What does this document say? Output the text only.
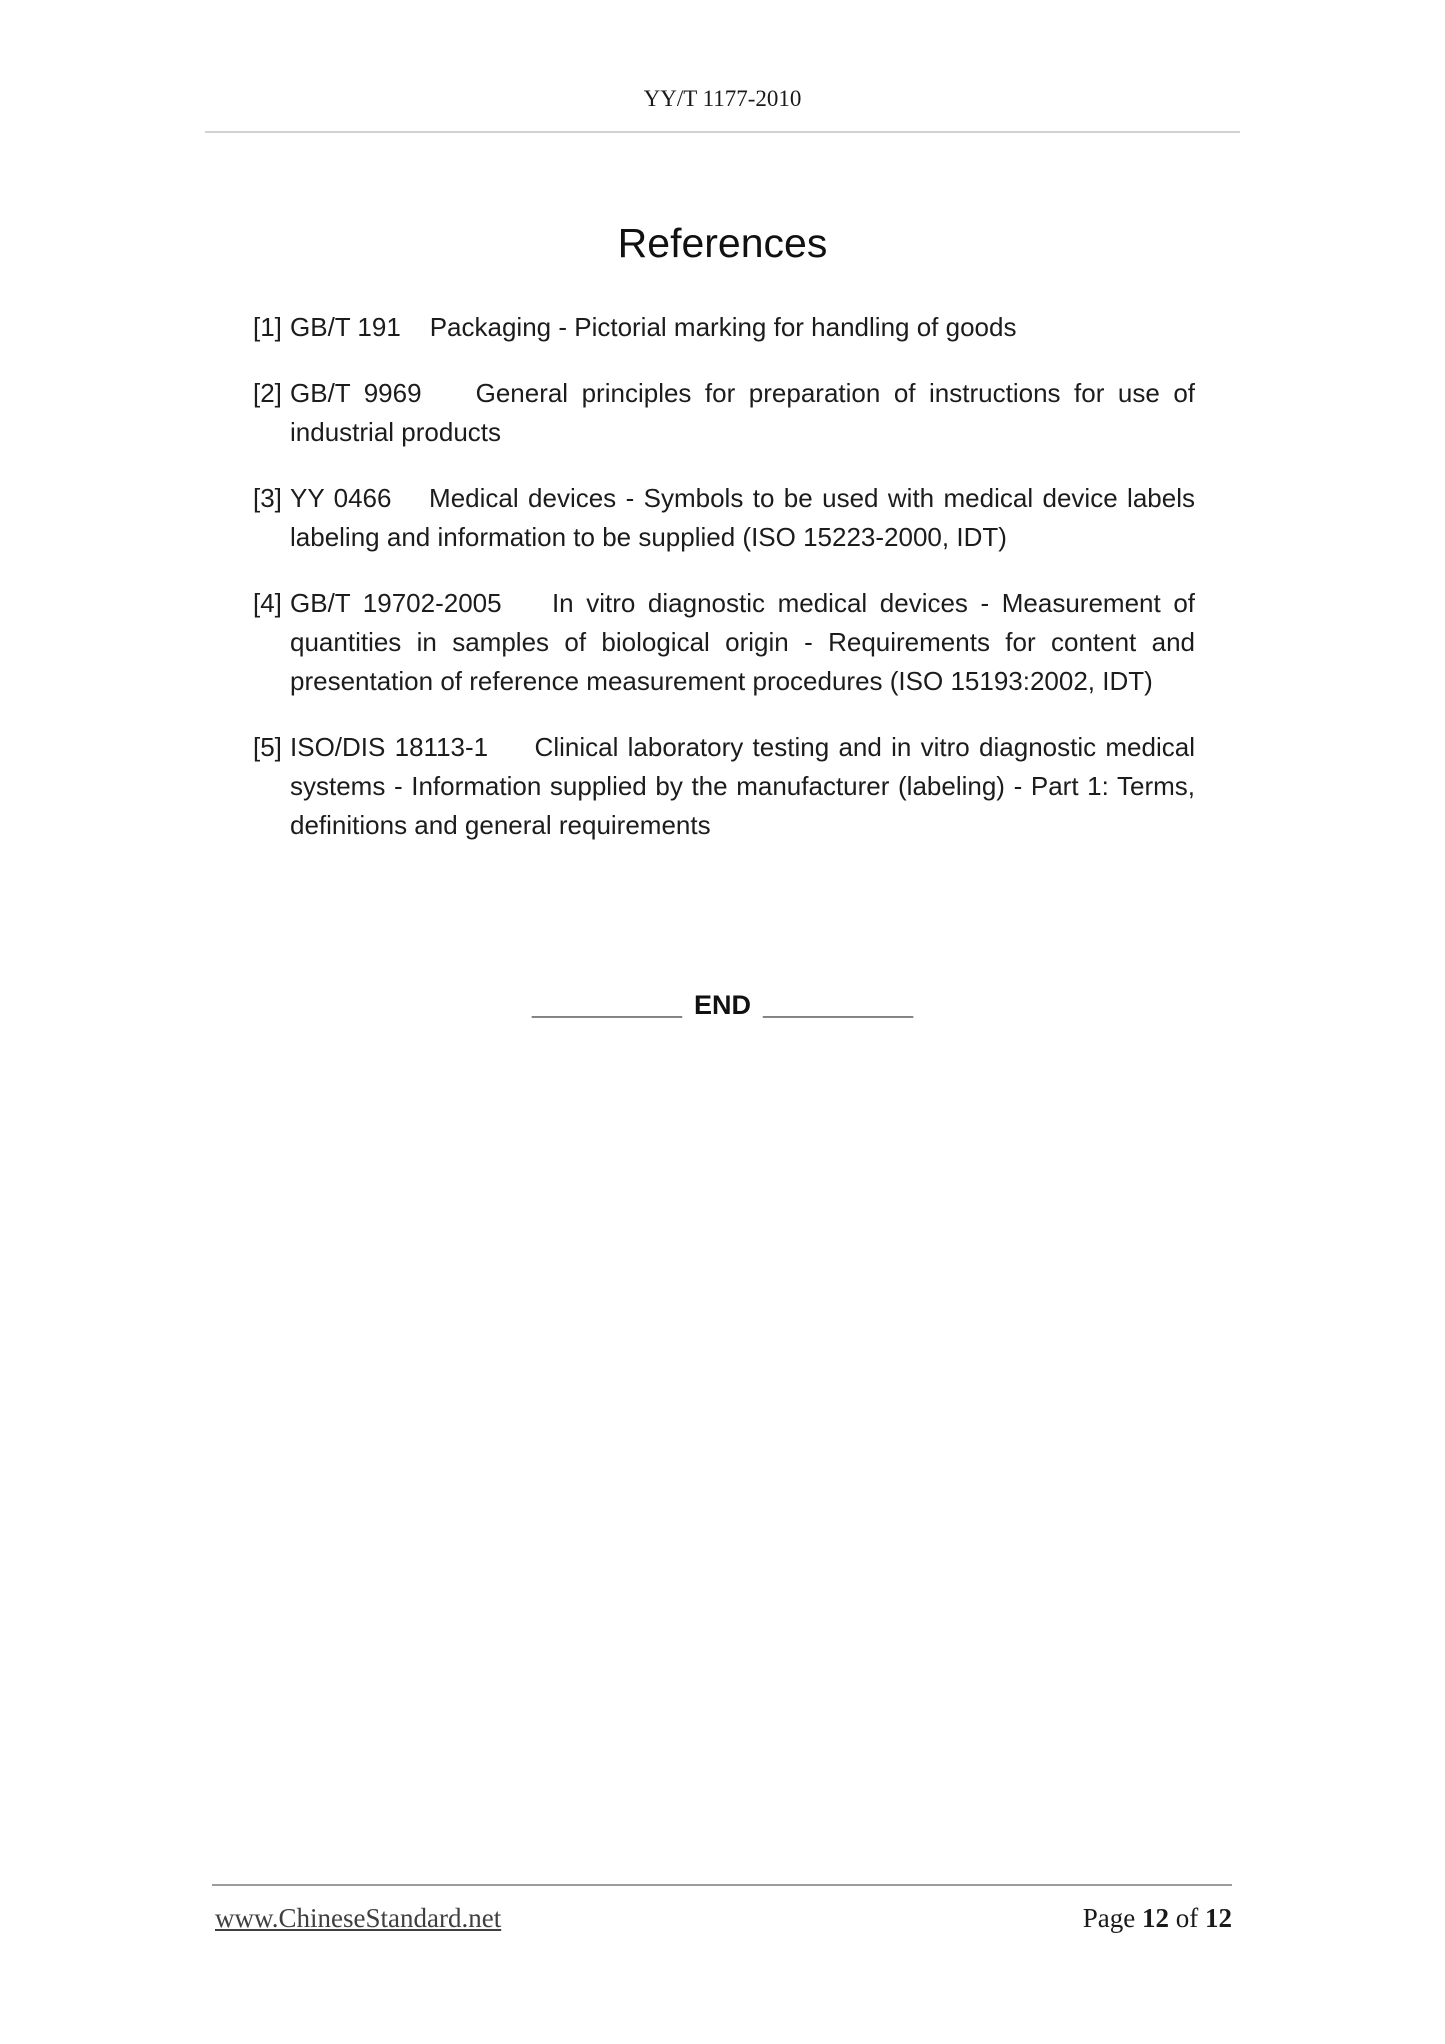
YY/T 1177-2010
References
[1] GB/T 191    Packaging - Pictorial marking for handling of goods
[2] GB/T 9969    General principles for preparation of instructions for use of
industrial products
[3] YY 0466    Medical devices - Symbols to be used with medical device labels
labeling and information to be supplied (ISO 15223-2000, IDT)
[4] GB/T 19702-2005    In vitro diagnostic medical devices - Measurement of
quantities in samples of biological origin - Requirements for content and
presentation of reference measurement procedures (ISO 15193:2002, IDT)
[5] ISO/DIS 18113-1     Clinical laboratory testing and in vitro diagnostic medical
systems - Information supplied by the manufacturer (labeling) - Part 1: Terms,
definitions and general requirements
__________ END __________
www.ChineseStandard.net	Page 12 of 12
